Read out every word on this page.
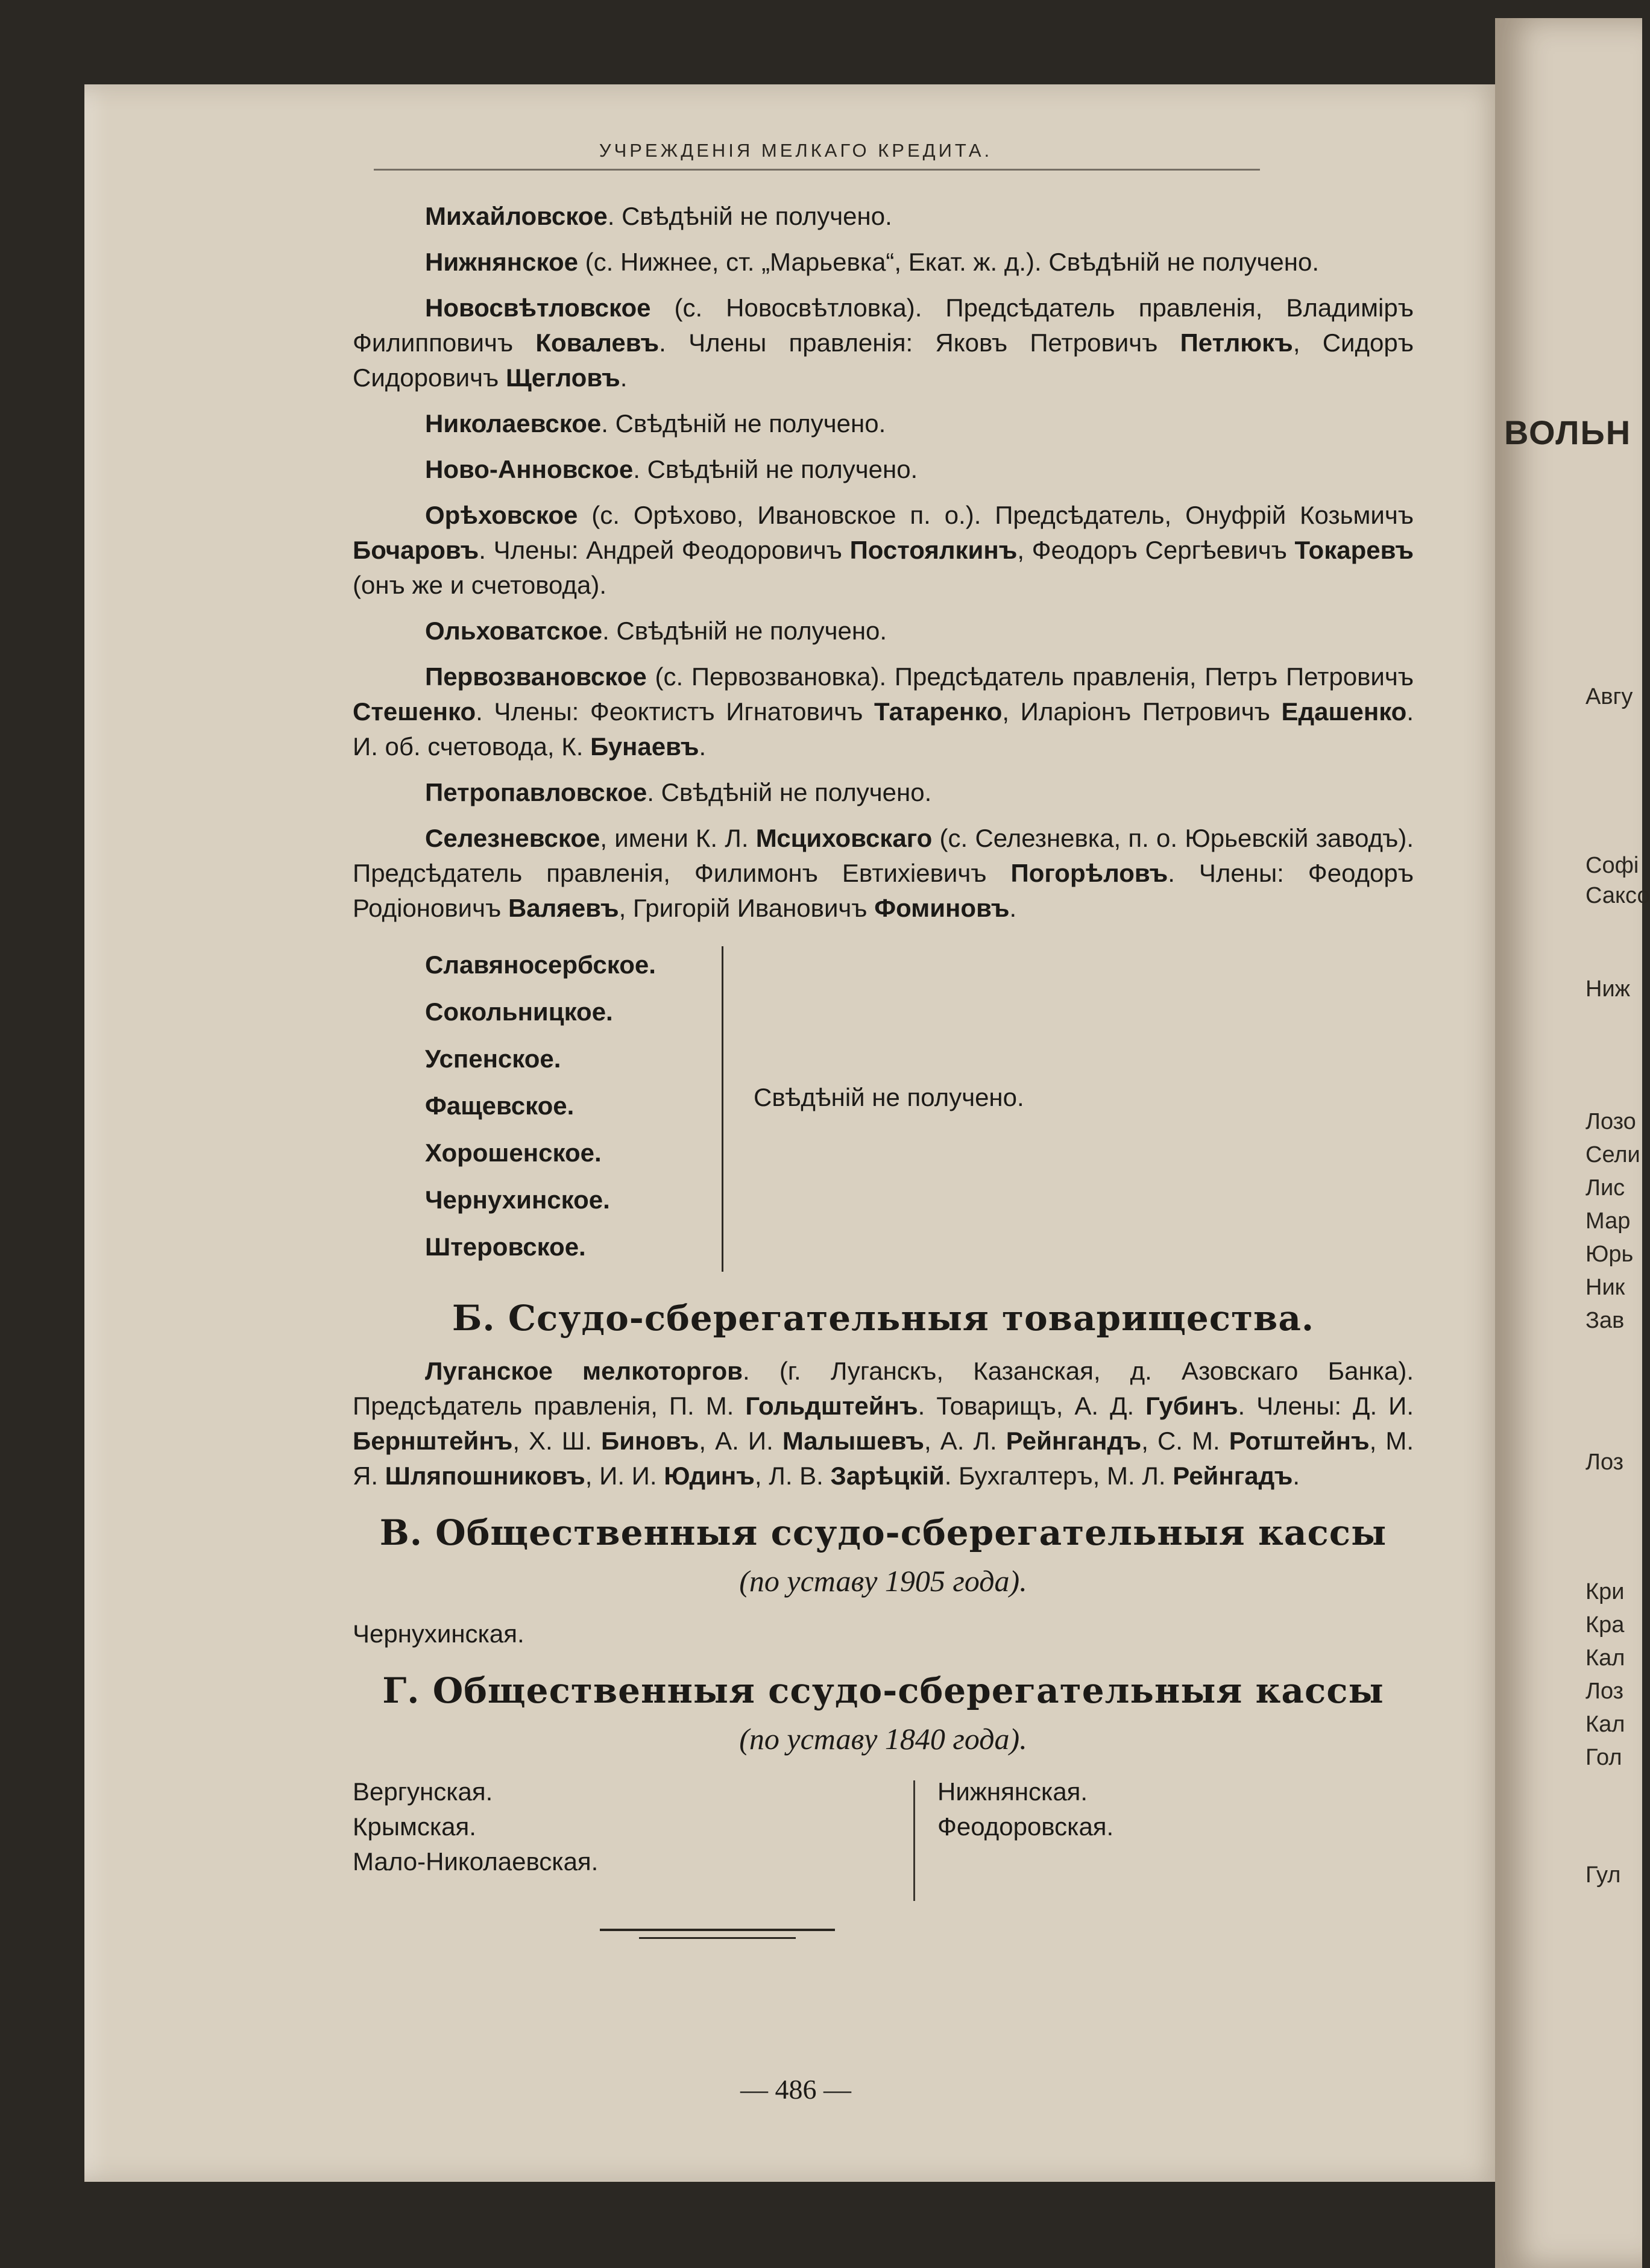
УЧРЕЖДЕНІЯ МЕЛКАГО КРЕДИТА.

Михайловское. Свѣдѣній не получено.

Нижнянское (с. Нижнее, ст. „Марьевка“, Екат. ж. д.). Свѣдѣній не получено.

Новосвѣтловское (с. Новосвѣтловка). Предсѣдатель правленія, Владиміръ Филипповичъ Ковалевъ. Члены правленія: Яковъ Петровичъ Петлюкъ, Сидоръ Сидоровичъ Щегловъ.

Николаевское. Свѣдѣній не получено.

Ново-Анновское. Свѣдѣній не получено.

Орѣховское (с. Орѣхово, Ивановское п. о.). Предсѣдатель, Онуфрій Козьмичъ Бочаровъ. Члены: Андрей Феодоровичъ Постоялкинъ, Феодоръ Сергѣевичъ Токаревъ (онъ же и счетовода).

Ольховатское. Свѣдѣній не получено.

Первозвановское (с. Первозвановка). Предсѣдатель правленія, Петръ Петровичъ Стешенко. Члены: Феоктистъ Игнатовичъ Татаренко, Иларіонъ Петровичъ Едашенко. И. об. счетовода, К. Бунаевъ.

Петропавловское. Свѣдѣній не получено.

Селезневское, имени К. Л. Мсциховскаго (с. Селезневка, п. о. Юрьевскій заводъ). Предсѣдатель правленія, Филимонъ Евтихіевичъ Погорѣловъ. Члены: Феодоръ Родіоновичъ Валяевъ, Григорій Ивановичъ Фоминовъ.

Славяносербское.
Сокольницкое.
Успенское.
Фащевское.
Хорошенское.
Чернухинское.
Штеровское.
Свѣдѣній не получено.
Б. Ссудо-сберегательныя товарищества.

Луганское мелкоторгов. (г. Луганскъ, Казанская, д. Азовскаго Банка). Предсѣдатель правленія, П. М. Гольдштейнъ. Товарищъ, А. Д. Губинъ. Члены: Д. И. Бернштейнъ, Х. Ш. Биновъ, А. И. Малышевъ, А. Л. Рейнгандъ, С. М. Ротштейнъ, М. Я. Шляпошниковъ, И. И. Юдинъ, Л. В. Зарѣцкій. Бухгалтеръ, М. Л. Рейнгадъ.

В. Общественныя ссудо-сберегательныя кассы
(по уставу 1905 года).
Чернухинская.
Г. Общественныя ссудо-сберегательныя кассы
(по уставу 1840 года).
Вергунская.
Крымская.
Мало-Николаевская.
Нижнянская.
Феодоровская.
— 486 —
ВОЛЬН
Авгу
Софі
Саксо
Ниж
Лозо
Сели
Лис
Мар
Юрь
Ник
Зав
Лоз
Кри
Кра
Кал
Лоз
Кал
Гол
Гул
